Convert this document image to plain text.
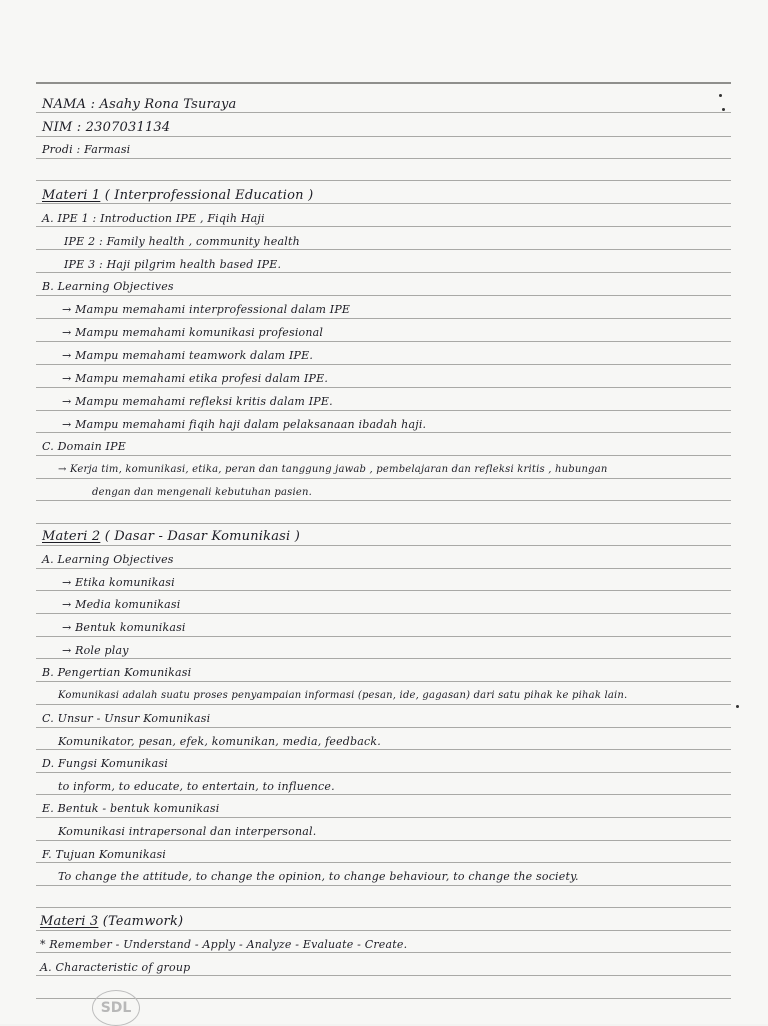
NAMA : Asahy Rona Tsuraya
NIM : 2307031134
Prodi : Farmasi
Materi 1 ( Interprofessional Education )
A. IPE 1 : Introduction IPE , Fiqih Haji
IPE 2 : Family health , community health
IPE 3 : Haji pilgrim health based IPE.
B. Learning Objectives
→ Mampu memahami interprofessional dalam IPE
→ Mampu memahami komunikasi profesional
→ Mampu memahami teamwork dalam IPE.
→ Mampu memahami etika profesi dalam IPE.
→ Mampu memahami refleksi kritis dalam IPE.
→ Mampu memahami fiqih haji dalam pelaksanaan ibadah haji.
C. Domain IPE
→ Kerja tim, komunikasi, etika, peran dan tanggung jawab , pembelajaran dan refleksi kritis , hubungan
dengan dan mengenali kebutuhan pasien.
Materi 2 ( Dasar - Dasar Komunikasi )
A. Learning Objectives
→ Etika komunikasi
→ Media komunikasi
→ Bentuk komunikasi
→ Role play
B. Pengertian Komunikasi
Komunikasi adalah suatu proses penyampaian informasi (pesan, ide, gagasan) dari satu pihak ke pihak lain.
C. Unsur - Unsur Komunikasi
Komunikator, pesan, efek, komunikan, media, feedback.
D. Fungsi Komunikasi
to inform, to educate, to entertain, to influence.
E. Bentuk - bentuk komunikasi
Komunikasi intrapersonal dan interpersonal.
F. Tujuan Komunikasi
To change the attitude, to change the opinion, to change behaviour, to change the society.
Materi 3 (Teamwork)
* Remember - Understand - Apply - Analyze - Evaluate - Create.
A. Characteristic of group
SDL
